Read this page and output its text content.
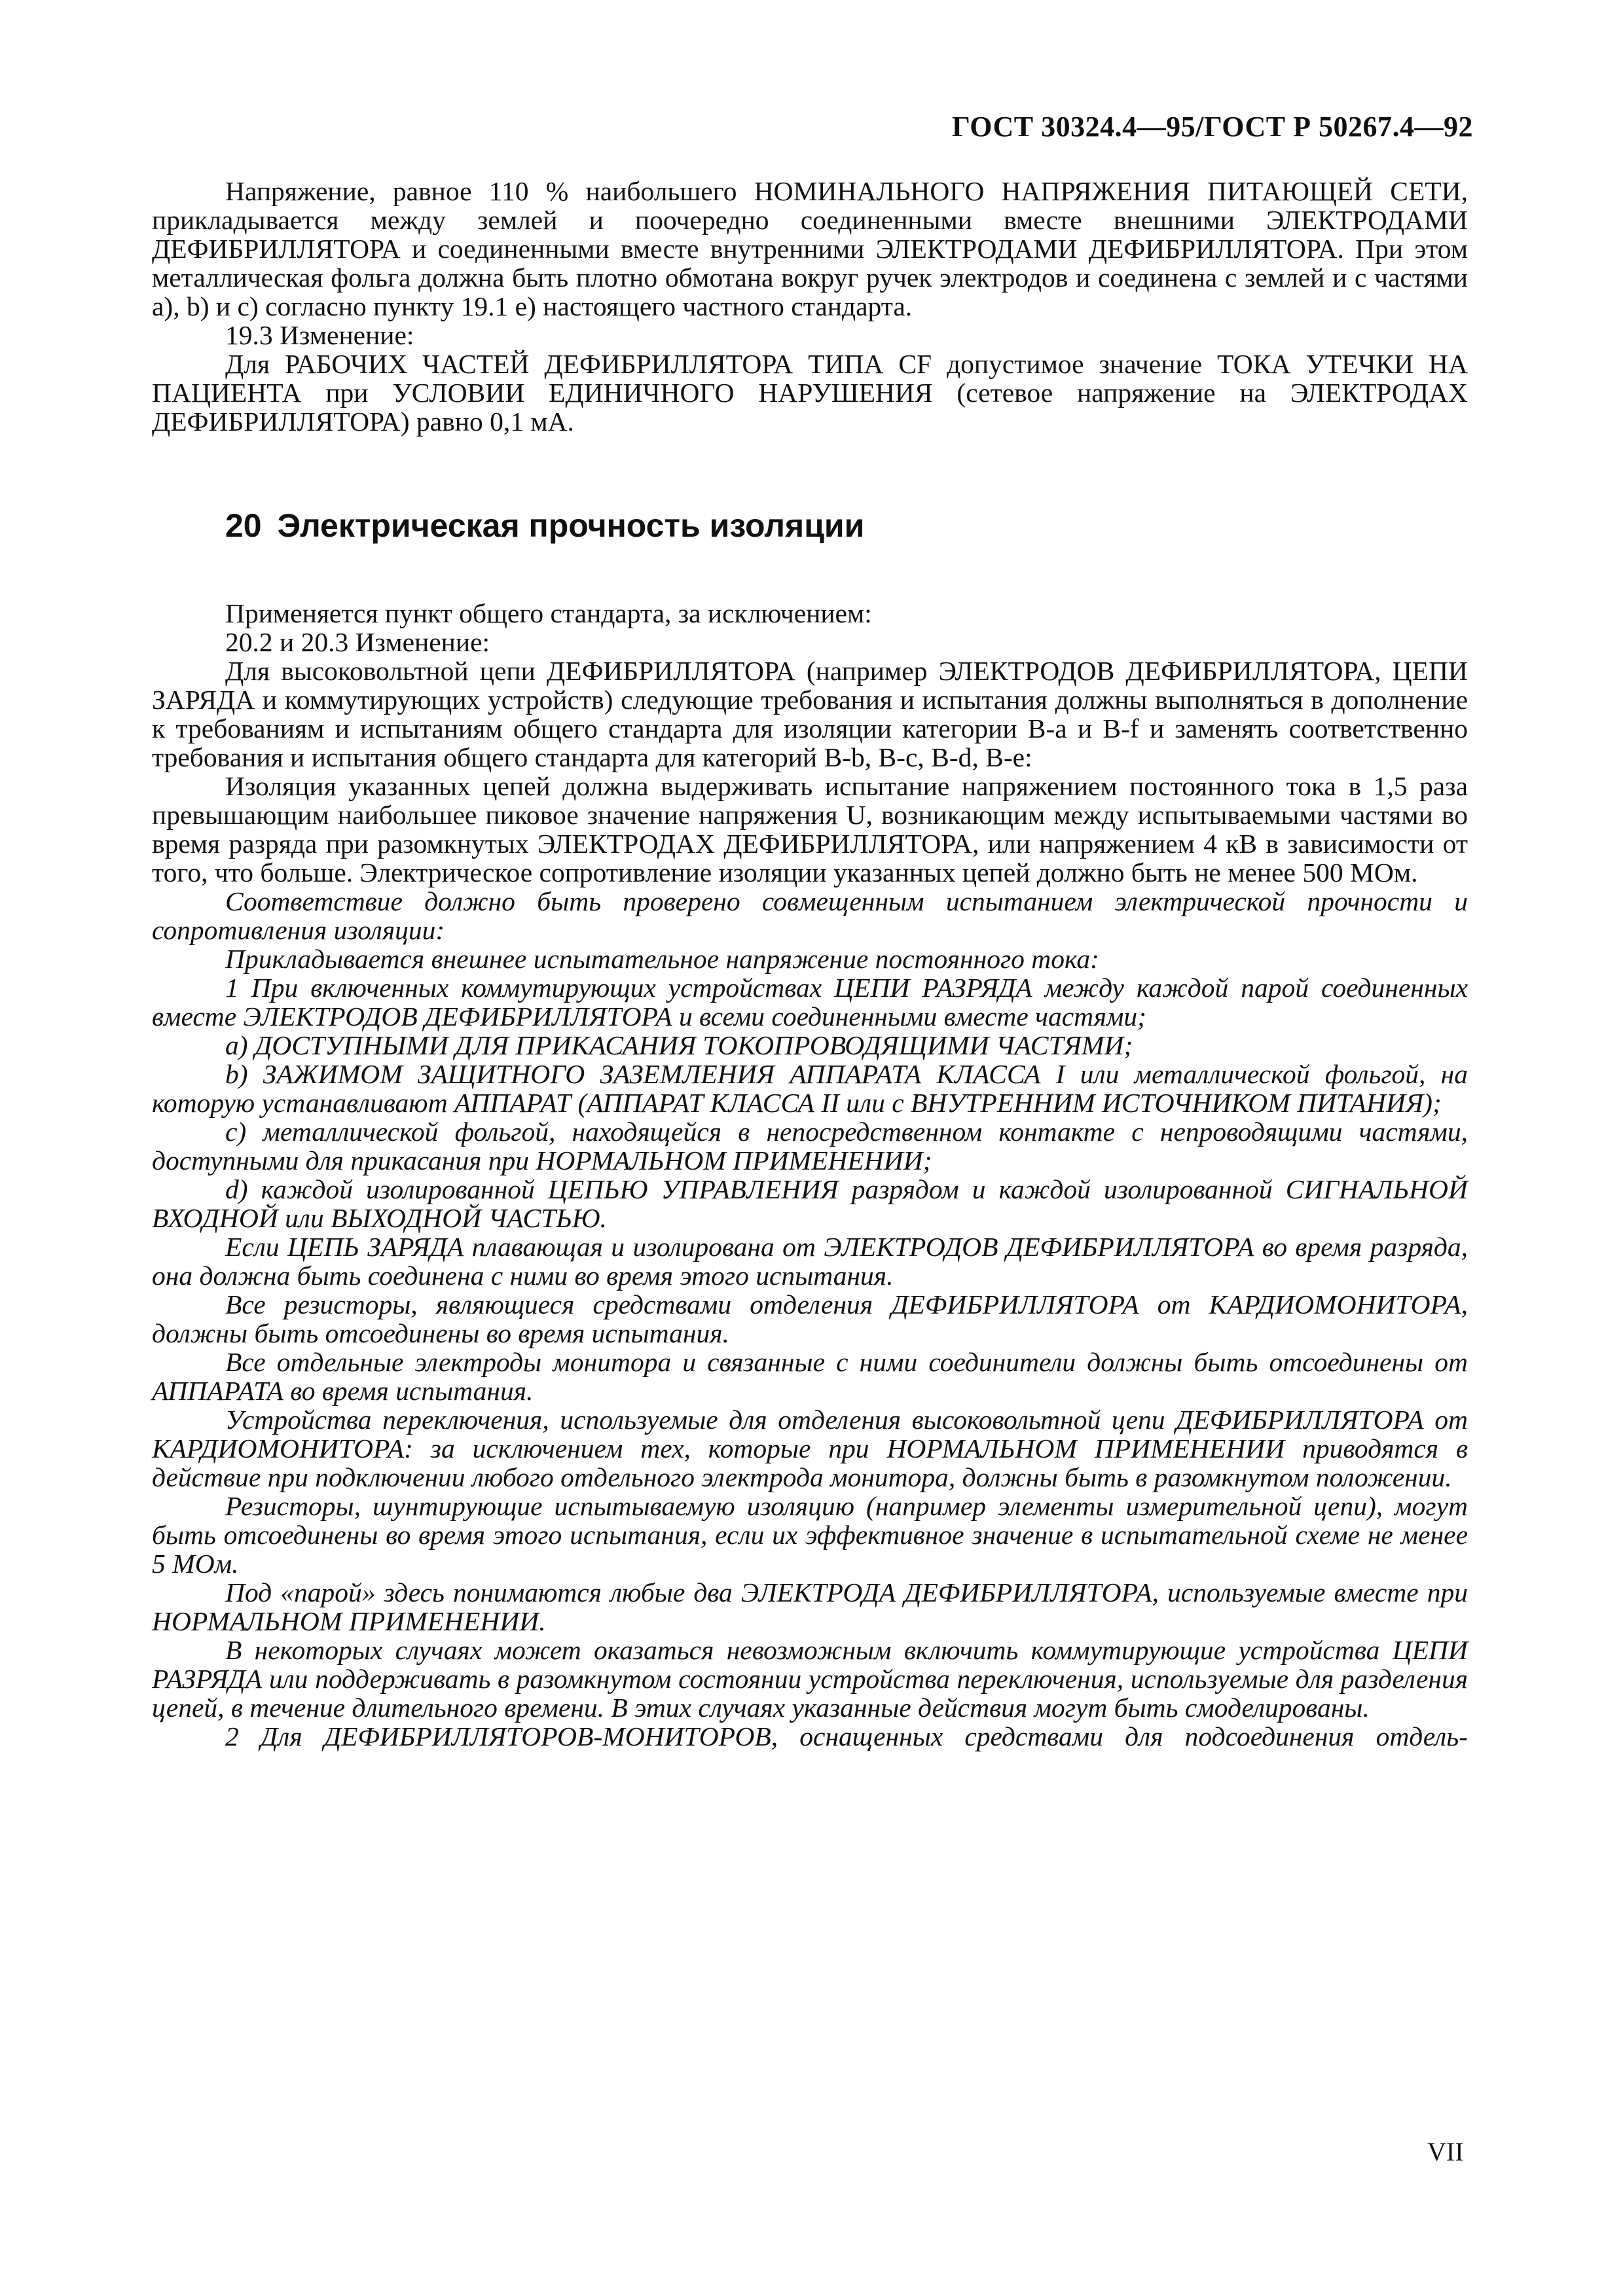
ГОСТ 30324.4—95/ГОСТ Р 50267.4—92

Напряжение, равное 110 % наибольшего НОМИНАЛЬНОГО НАПРЯЖЕНИЯ ПИТАЮЩЕЙ СЕТИ, прикладывается между землей и поочередно соединенными вместе внешними ЭЛЕКТРОДАМИ ДЕФИБРИЛЛЯТОРА и соединенными вместе внутренними ЭЛЕКТРОДАМИ ДЕФИБРИЛЛЯТОРА. При этом металлическая фольга должна быть плотно обмотана вокруг ручек электродов и соединена с землей и с частями а), b) и с) согласно пункту 19.1 е) настоящего частного стандарта.

19.3 Изменение:

Для РАБОЧИХ ЧАСТЕЙ ДЕФИБРИЛЛЯТОРА ТИПА CF допустимое значение ТОКА УТЕЧКИ НА ПАЦИЕНТА при УСЛОВИИ ЕДИНИЧНОГО НАРУШЕНИЯ (сетевое напряжение на ЭЛЕКТРОДАХ ДЕФИБРИЛЛЯТОРА) равно 0,1 мА.

20 Электрическая прочность изоляции

Применяется пункт общего стандарта, за исключением:

20.2 и 20.3 Изменение:

Для высоковольтной цепи ДЕФИБРИЛЛЯТОРА (например ЭЛЕКТРОДОВ ДЕФИБРИЛЛЯТОРА, ЦЕПИ ЗАРЯДА и коммутирующих устройств) следующие требования и испытания должны выполняться в дополнение к требованиям и испытаниям общего стандарта для изоляции категории B-a и B-f и заменять соответственно требования и испытания общего стандарта для категорий B-b, B-c, B-d, B-e:

Изоляция указанных цепей должна выдерживать испытание напряжением постоянного тока в 1,5 раза превышающим наибольшее пиковое значение напряжения U, возникающим между испытываемыми частями во время разряда при разомкнутых ЭЛЕКТРОДАХ ДЕФИБРИЛЛЯТОРА, или напряжением 4 кВ в зависимости от того, что больше. Электрическое сопротивление изоляции указанных цепей должно быть не менее 500 МОм.

Соответствие должно быть проверено совмещенным испытанием электрической прочности и сопротивления изоляции:

Прикладывается внешнее испытательное напряжение постоянного тока:

1 При включенных коммутирующих устройствах ЦЕПИ РАЗРЯДА между каждой парой соединенных вместе ЭЛЕКТРОДОВ ДЕФИБРИЛЛЯТОРА и всеми соединенными вместе частями;

а) ДОСТУПНЫМИ ДЛЯ ПРИКАСАНИЯ ТОКОПРОВОДЯЩИМИ ЧАСТЯМИ;

b) ЗАЖИМОМ ЗАЩИТНОГО ЗАЗЕМЛЕНИЯ АППАРАТА КЛАССА I или металлической фольгой, на которую устанавливают АППАРАТ (АППАРАТ КЛАССА II или с ВНУТРЕННИМ ИСТОЧНИКОМ ПИТАНИЯ);

с) металлической фольгой, находящейся в непосредственном контакте с непроводящими частями, доступными для прикасания при НОРМАЛЬНОМ ПРИМЕНЕНИИ;

d) каждой изолированной ЦЕПЬЮ УПРАВЛЕНИЯ разрядом и каждой изолированной СИГНАЛЬНОЙ ВХОДНОЙ или ВЫХОДНОЙ ЧАСТЬЮ.

Если ЦЕПЬ ЗАРЯДА плавающая и изолирована от ЭЛЕКТРОДОВ ДЕФИБРИЛЛЯТОРА во время разряда, она должна быть соединена с ними во время этого испытания.

Все резисторы, являющиеся средствами отделения ДЕФИБРИЛЛЯТОРА от КАРДИОМОНИТОРА, должны быть отсоединены во время испытания.

Все отдельные электроды монитора и связанные с ними соединители должны быть отсоединены от АППАРАТА во время испытания.

Устройства переключения, используемые для отделения высоковольтной цепи ДЕФИБРИЛЛЯТОРА от КАРДИОМОНИТОРА: за исключением тех, которые при НОРМАЛЬНОМ ПРИМЕНЕНИИ приводятся в действие при подключении любого отдельного электрода монитора, должны быть в разомкнутом положении.

Резисторы, шунтирующие испытываемую изоляцию (например элементы измерительной цепи), могут быть отсоединены во время этого испытания, если их эффективное значение в испытательной схеме не менее 5 МОм.

Под «парой» здесь понимаются любые два ЭЛЕКТРОДА ДЕФИБРИЛЛЯТОРА, используемые вместе при НОРМАЛЬНОМ ПРИМЕНЕНИИ.

В некоторых случаях может оказаться невозможным включить коммутирующие устройства ЦЕПИ РАЗРЯДА или поддерживать в разомкнутом состоянии устройства переключения, используемые для разделения цепей, в течение длительного времени. В этих случаях указанные действия могут быть смоделированы.

2 Для ДЕФИБРИЛЛЯТОРОВ-МОНИТОРОВ, оснащенных средствами для подсоединения отдель-

VII
